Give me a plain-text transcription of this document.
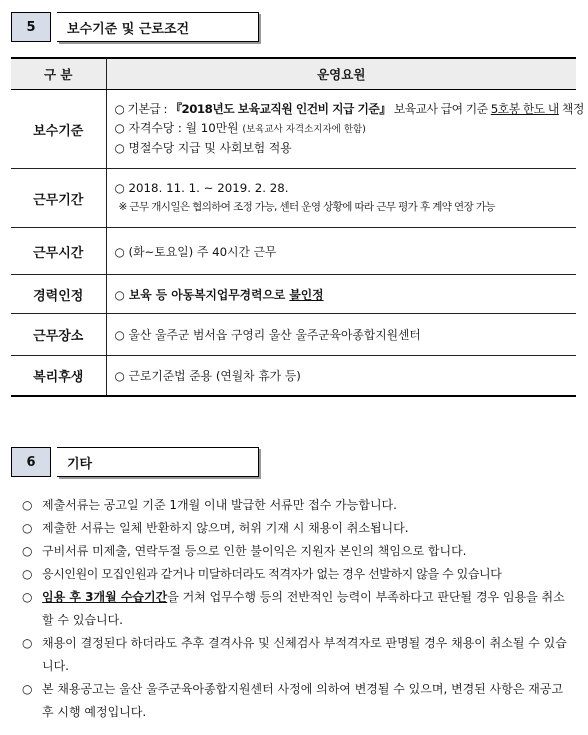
5	보수기준 및 근로조건
구 분	운영요원
보수기준	○ 기본급 : 『2018년도 보육교직원 인건비 지급 기준』 보육교사 급여 기준 5호봉 한도 내 책정
○ 자격수당 : 월 10만원 (보육교사 자격소지자에 한함)
○ 명절수당 지급 및 사회보험 적용

근무기간	○ 2018. 11. 1. ~ 2019. 2. 28.
※ 근무 개시일은 협의하여 조정 가능, 센터 운영 상황에 따라 근무 평가 후 계약 연장 가능

근무시간	○ (화~토요일) 주 40시간 근무
경력인정	○ 보육 등 아동복지업무경력으로 불인정
근무장소	○ 울산 울주군 범서읍 구영리 울산 울주군육아종합지원센터
복리후생	○ 근로기준법 준용 (연월차 휴가 등)
6	기타
○ 제출서류는 공고일 기준 1개월 이내 발급한 서류만 접수 가능합니다.
○ 제출한 서류는 일체 반환하지 않으며, 허위 기재 시 채용이 취소됩니다.
○ 구비서류 미제출, 연락두절 등으로 인한 불이익은 지원자 본인의 책임으로 합니다.
○ 응시인원이 모집인원과 같거나 미달하더라도 적격자가 없는 경우 선발하지 않을 수 있습니다
○ 임용 후 3개월 수습기간을 거쳐 업무수행 등의 전반적인 능력이 부족하다고 판단될 경우 임용을 취소할 수 있습니다.
○ 채용이 결정된다 하더라도 추후 결격사유 및 신체검사 부적격자로 판명될 경우 채용이 취소될 수 있습니다.
○ 본 채용공고는 울산 울주군육아종합지원센터 사정에 의하여 변경될 수 있으며, 변경된 사항은 재공고 후 시행 예정입니다.
